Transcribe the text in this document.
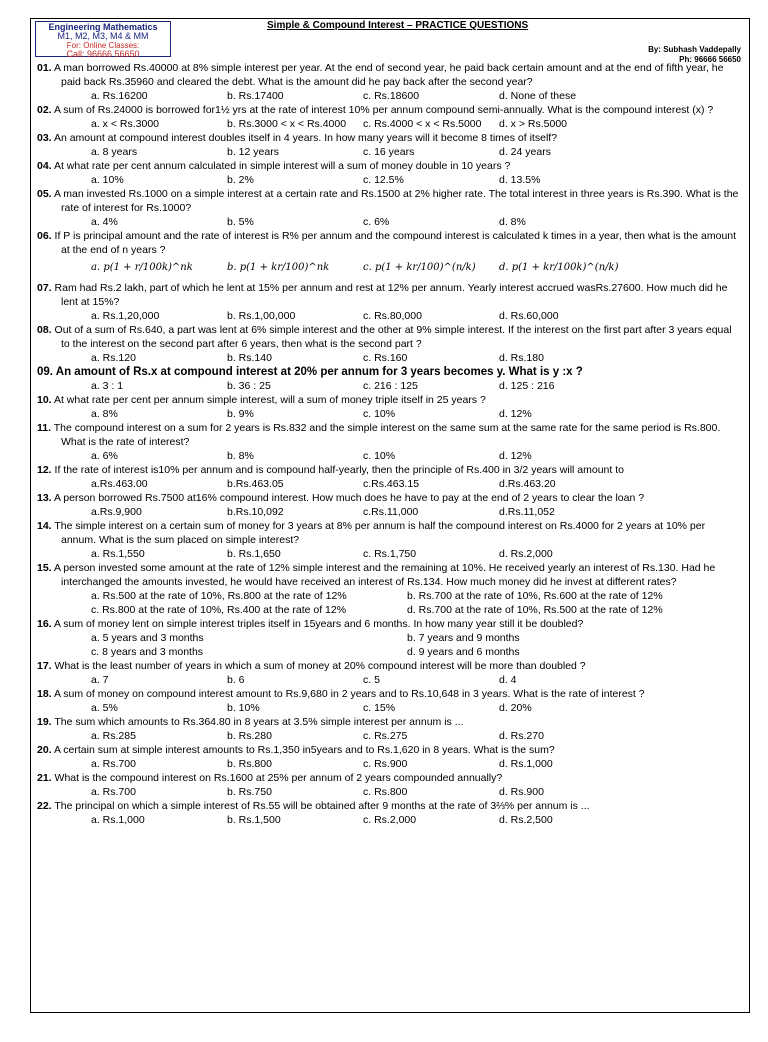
Engineering Mathematics
M1, M2, M3, M4 & MM
For: Online Classes:
Call: 96666 56650
Simple & Compound Interest – PRACTICE QUESTIONS
By: Subhash Vaddepally
Ph: 96666 56650
01. A man borrowed Rs.40000 at 8% simple interest per year. At the end of second year, he paid back certain amount and at the end of fifth year, he paid back Rs.35960 and cleared the debt. What is the amount did he pay back after the second year?
a. Rs.16200	b. Rs.17400	c. Rs.18600	d. None of these
02. A sum of Rs.24000 is borrowed for1½ yrs at the rate of interest 10% per annum compound semi-annually. What is the compound interest (x) ?
a. x < Rs.3000	b. Rs.3000 < x < Rs.4000	c. Rs.4000 < x < Rs.5000	d. x > Rs.5000
03. An amount at compound interest doubles itself in 4 years. In how many years will it become 8 times of itself?
a. 8 years	b. 12 years	c. 16 years	d. 24 years
04. At what rate per cent annum calculated in simple interest will a sum of money double in 10 years ?
a. 10%	b. 2%	c. 12.5%	d. 13.5%
05. A man invested Rs.1000 on a simple interest at a certain rate and Rs.1500 at 2% higher rate. The total interest in three years is Rs.390. What is the rate of interest for Rs.1000?
a. 4%	b. 5%	c. 6%	d. 8%
06. If P is principal amount and the rate of interest is R% per annum and the compound interest is calculated k times in a year, then what is the amount at the end of n years ?
a. p(1 + r/100k)^nk	b. p(1 + kr/100)^nk	c. p(1 + kr/100)^(n/k)	d. p(1 + kr/100k)^(n/k)
07. Ram had Rs.2 lakh, part of which he lent at 15% per annum and rest at 12% per annum. Yearly interest accrued wasRs.27600. How much did he lent at 15%?
a. Rs.1,20,000	b. Rs.1,00,000	c. Rs.80,000	d. Rs.60,000
08. Out of a sum of Rs.640, a part was lent at 6% simple interest and the other at 9% simple interest. If the interest on the first part after 3 years equal to the interest on the second part after 6 years, then what is the second part ?
a. Rs.120	b. Rs.140	c. Rs.160	d. Rs.180
09. An amount of Rs.x at compound interest at 20% per annum for 3 years becomes y. What is y :x ?
a. 3 : 1	b. 36 : 25	c. 216 : 125	d. 125 : 216
10. At what rate per cent per annum simple interest, will a sum of money triple itself in 25 years ?
a. 8%	b. 9%	c. 10%	d. 12%
11. The compound interest on a sum for 2 years is Rs.832 and the simple interest on the same sum at the same rate for the same period is Rs.800. What is the rate of interest?
a. 6%	b. 8%	c. 10%	d. 12%
12. If the rate of interest is10% per annum and is compound half-yearly, then the principle of Rs.400 in 3/2 years will amount to
a.Rs.463.00	b.Rs.463.05	c.Rs.463.15	d.Rs.463.20
13. A person borrowed Rs.7500 at16% compound interest. How much does he have to pay at the end of 2 years to clear the loan ?
a.Rs.9,900	b.Rs.10,092	c.Rs.11,000	d.Rs.11,052
14. The simple interest on a certain sum of money for 3 years at 8% per annum is half the compound interest on Rs.4000 for 2 years at 10% per annum. What is the sum placed on simple interest?
a. Rs.1,550	b. Rs.1,650	c. Rs.1,750	d. Rs.2,000
15. A person invested some amount at the rate of 12% simple interest and the remaining at 10%. He received yearly an interest of Rs.130. Had he interchanged the amounts invested, he would have received an interest of Rs.134. How much money did he invest at different rates?
a. Rs.500 at the rate of 10%, Rs.800 at the rate of 12%	b. Rs.700 at the rate of 10%, Rs.600 at the rate of 12%
c. Rs.800 at the rate of 10%, Rs.400 at the rate of 12%	d. Rs.700 at the rate of 10%, Rs.500 at the rate of 12%
16. A sum of money lent on simple interest triples itself in 15years and 6 months. In how many year still it be doubled?
a. 5 years and 3 months	b. 7 years and 9 months
c. 8 years and 3 months	d. 9 years and 6 months
17. What is the least number of years in which a sum of money at 20% compound interest will be more than doubled ?
a. 7	b. 6	c. 5	d. 4
18. A sum of money on compound interest amount to Rs.9,680 in 2 years and to Rs.10,648 in 3 years. What is the rate of interest ?
a. 5%	b. 10%	c. 15%	d. 20%
19. The sum which amounts to Rs.364.80 in 8 years at 3.5% simple interest per annum is ...
a. Rs.285	b. Rs.280	c. Rs.275	d. Rs.270
20. A certain sum at simple interest amounts to Rs.1,350 in5years and to Rs.1,620 in 8 years. What is the sum?
a. Rs.700	b. Rs.800	c. Rs.900	d. Rs.1,000
21. What is the compound interest on Rs.1600 at 25% per annum of 2 years compounded annually?
a. Rs.700	b. Rs.750	c. Rs.800	d. Rs.900
22. The principal on which a simple interest of Rs.55 will be obtained after 9 months at the rate of 3⅔% per annum is ...
a. Rs.1,000	b. Rs.1,500	c. Rs.2,000	d. Rs.2,500
